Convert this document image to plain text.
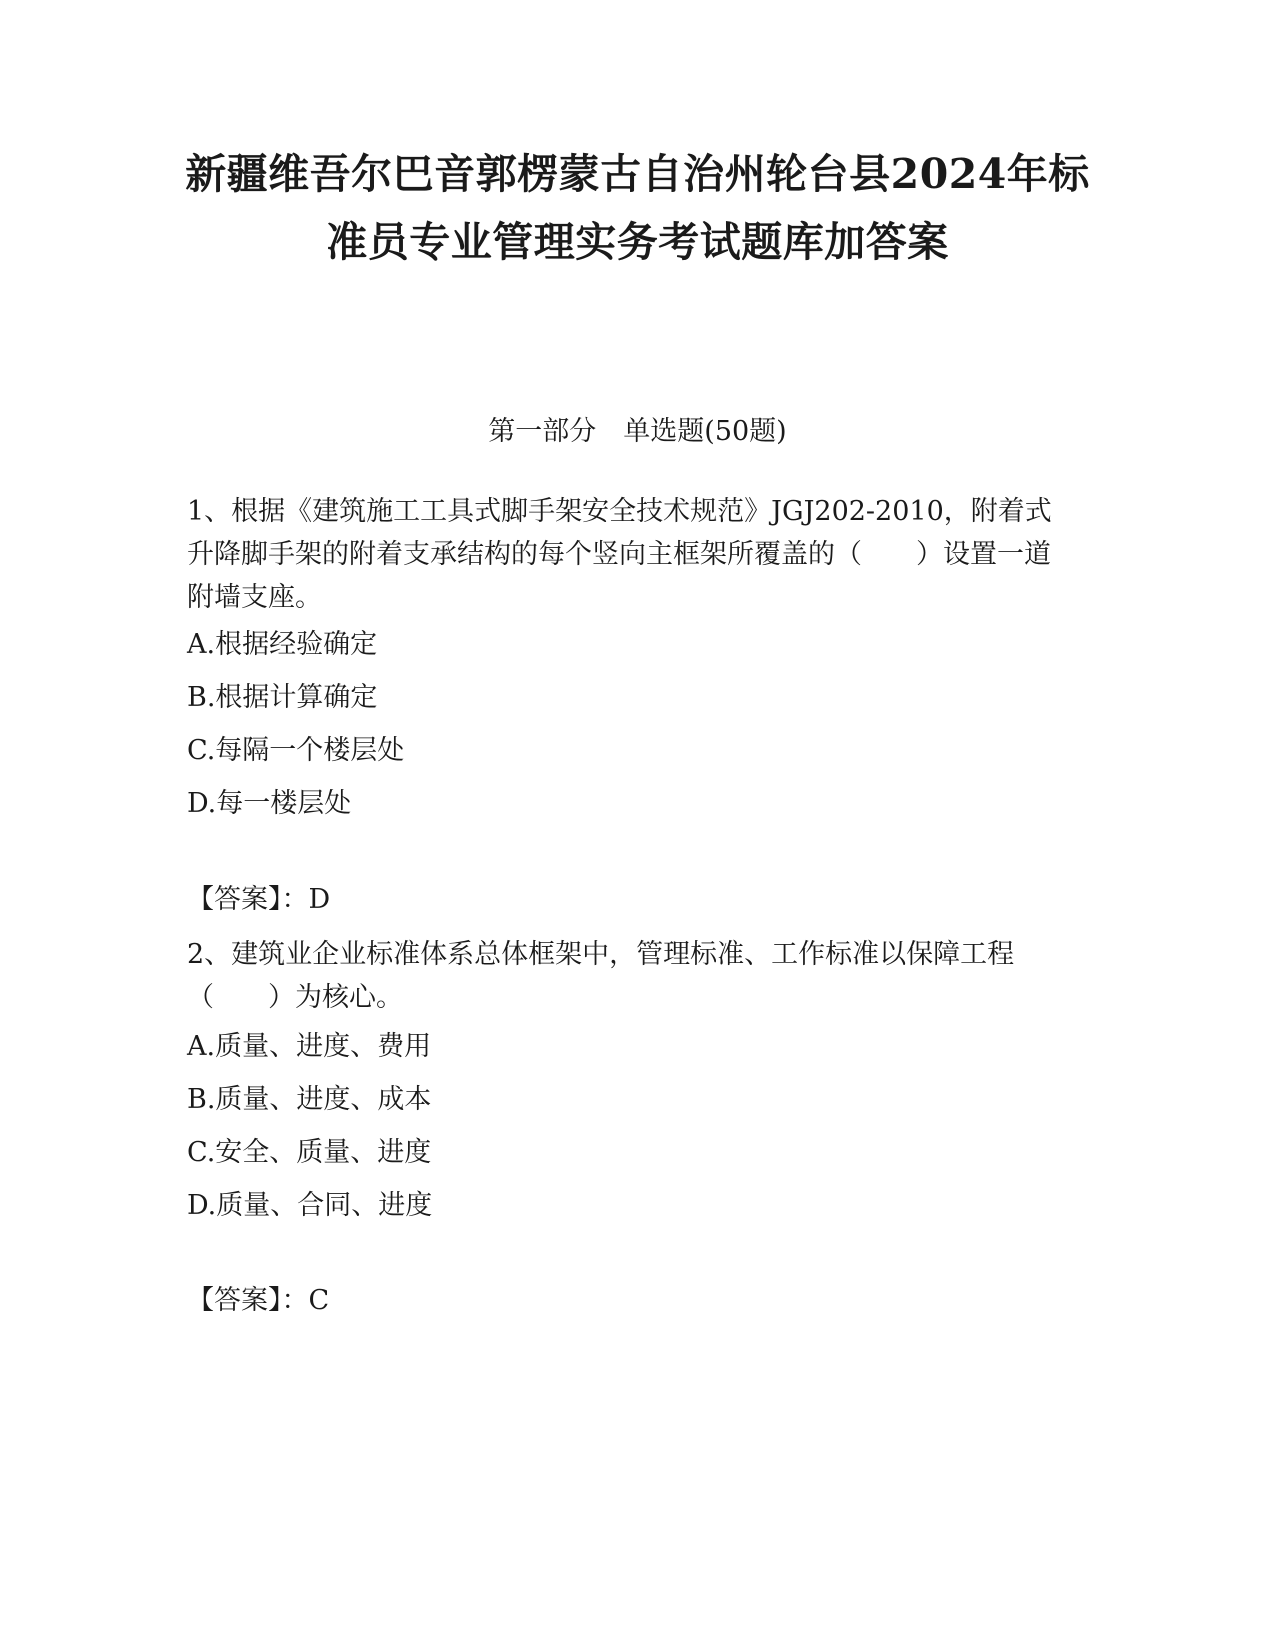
新疆维吾尔巴音郭楞蒙古自治州轮台县2024年标
准员专业管理实务考试题库加答案
第一部分　单选题(50题)
1、根据《建筑施工工具式脚手架安全技术规范》JGJ202-2010，附着式升降脚手架的附着支承结构的每个竖向主框架所覆盖的（　　）设置一道附墙支座。
A.根据经验确定
B.根据计算确定
C.每隔一个楼层处
D.每一楼层处
【答案】：D
2、建筑业企业标准体系总体框架中，管理标准、工作标准以保障工程（　　）为核心。
A.质量、进度、费用
B.质量、进度、成本
C.安全、质量、进度
D.质量、合同、进度
【答案】：C
